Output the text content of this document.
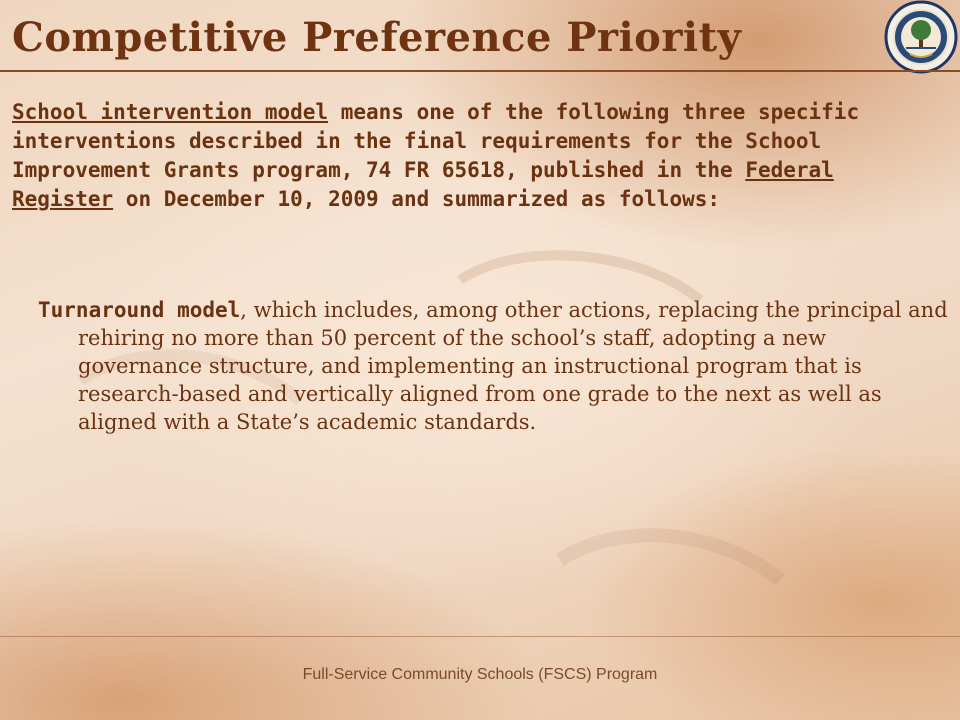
Competitive Preference Priority

School intervention model means one of the following three specific interventions described in the final requirements for the School Improvement Grants program, 74 FR 65618, published in the Federal Register on December 10, 2009 and summarized as follows:

Turnaround model, which includes, among other actions, replacing the principal and rehiring no more than 50 percent of the school’s staff, adopting a new governance structure, and implementing an instructional program that is research-based and vertically aligned from one grade to the next as well as aligned with a State’s academic standards.

Full-Service Community Schools (FSCS) Program
